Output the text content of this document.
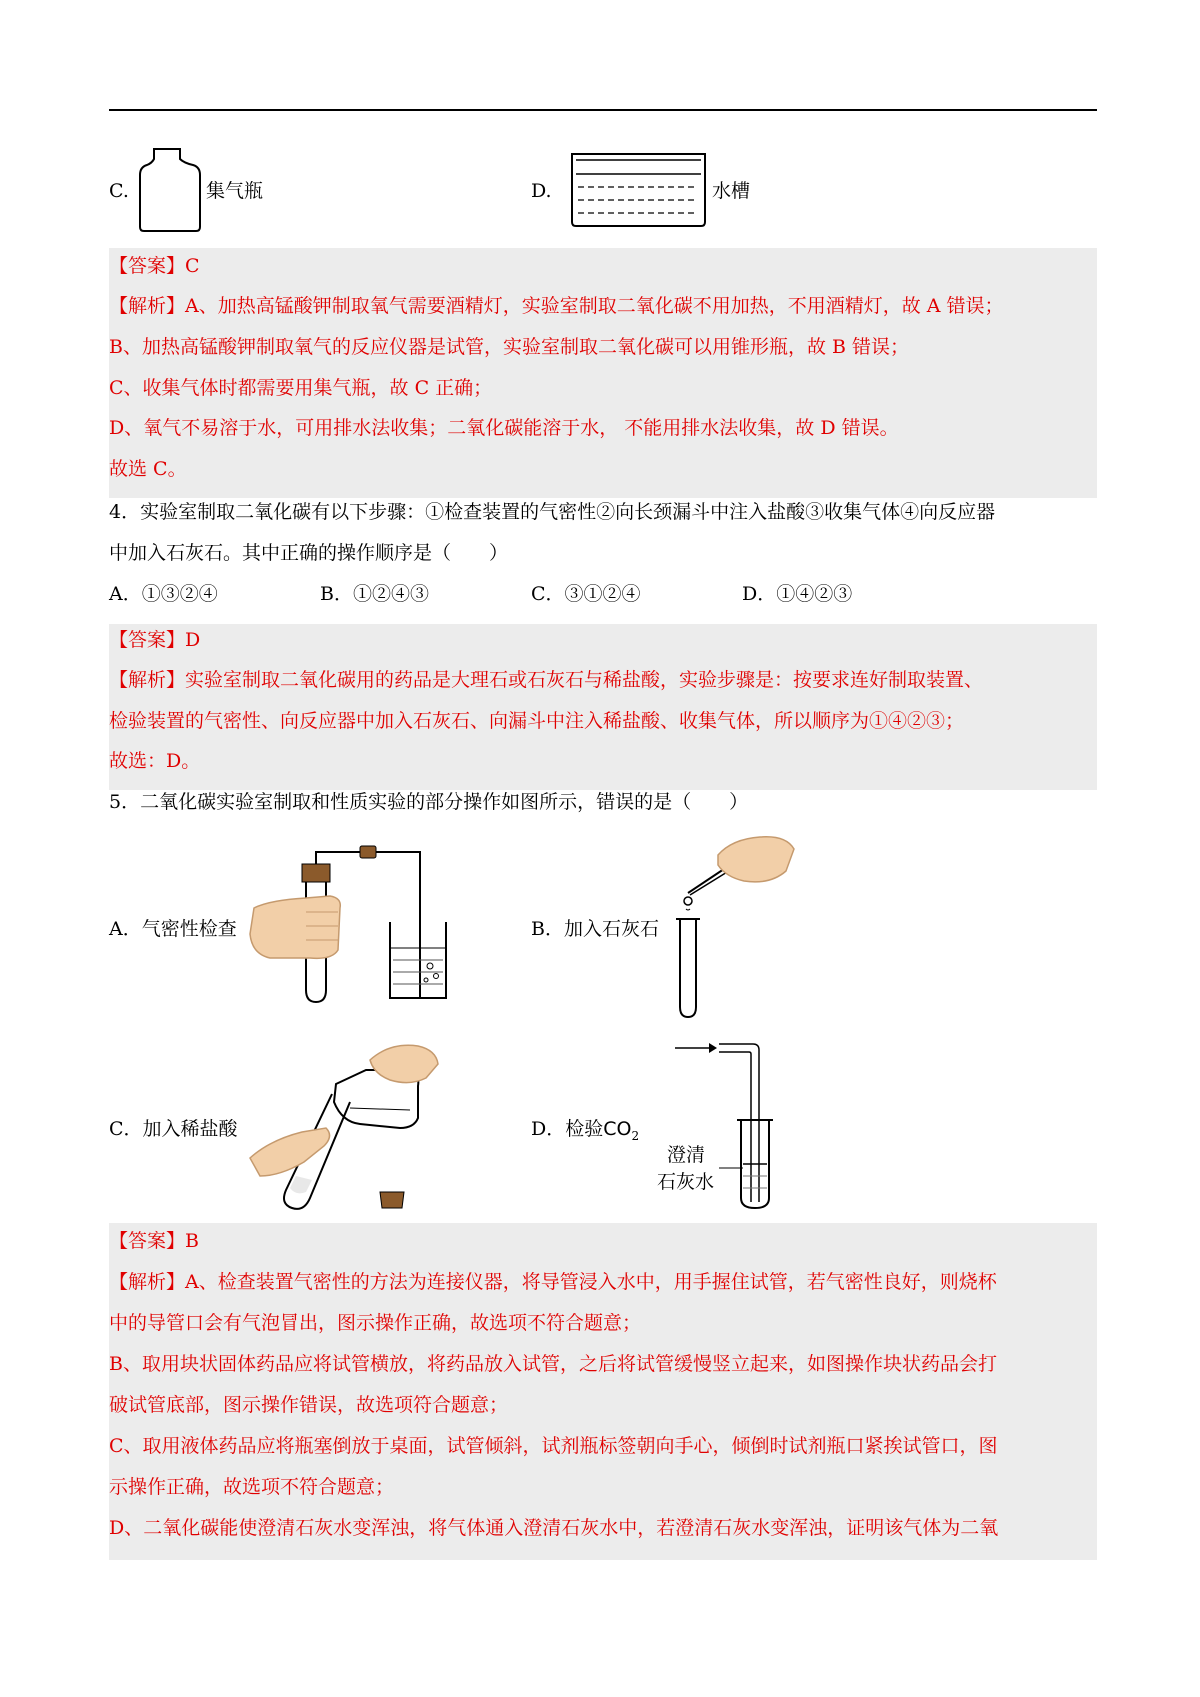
C.	集气瓶	D.	水槽
【答案】C
【解析】A、加热高锰酸钾制取氧气需要酒精灯，实验室制取二氧化碳不用加热，不用酒精灯，故 A 错误；
B、加热高锰酸钾制取氧气的反应仪器是试管，实验室制取二氧化碳可以用锥形瓶，故 B 错误；
C、收集气体时都需要用集气瓶，故 C 正确；
D、氧气不易溶于水，可用排水法收集；二氧化碳能溶于水， 不能用排水法收集，故 D 错误。
故选 C。
4．实验室制取二氧化碳有以下步骤：①检查装置的气密性②向长颈漏斗中注入盐酸③收集气体④向反应器
中加入石灰石。其中正确的操作顺序是（　　）
A．①③②④	B．①②④③	C．③①②④	D．①④②③
【答案】D
【解析】实验室制取二氧化碳用的药品是大理石或石灰石与稀盐酸，实验步骤是：按要求连好制取装置、
检验装置的气密性、向反应器中加入石灰石、向漏斗中注入稀盐酸、收集气体，所以顺序为①④②③；
故选：D。
5．二氧化碳实验室制取和性质实验的部分操作如图所示，错误的是（　　）
A．气密性检查	B．加入石灰石
C．加入稀盐酸	D．检验$CO_2$
澄清
石灰水
【答案】B
【解析】A、检查装置气密性的方法为连接仪器，将导管浸入水中，用手握住试管，若气密性良好，则烧杯
中的导管口会有气泡冒出，图示操作正确，故选项不符合题意；
B、取用块状固体药品应将试管横放，将药品放入试管，之后将试管缓慢竖立起来，如图操作块状药品会打
破试管底部，图示操作错误，故选项符合题意；
C、取用液体药品应将瓶塞倒放于桌面，试管倾斜，试剂瓶标签朝向手心，倾倒时试剂瓶口紧挨试管口，图
示操作正确，故选项不符合题意；
D、二氧化碳能使澄清石灰水变浑浊，将气体通入澄清石灰水中，若澄清石灰水变浑浊，证明该气体为二氧
